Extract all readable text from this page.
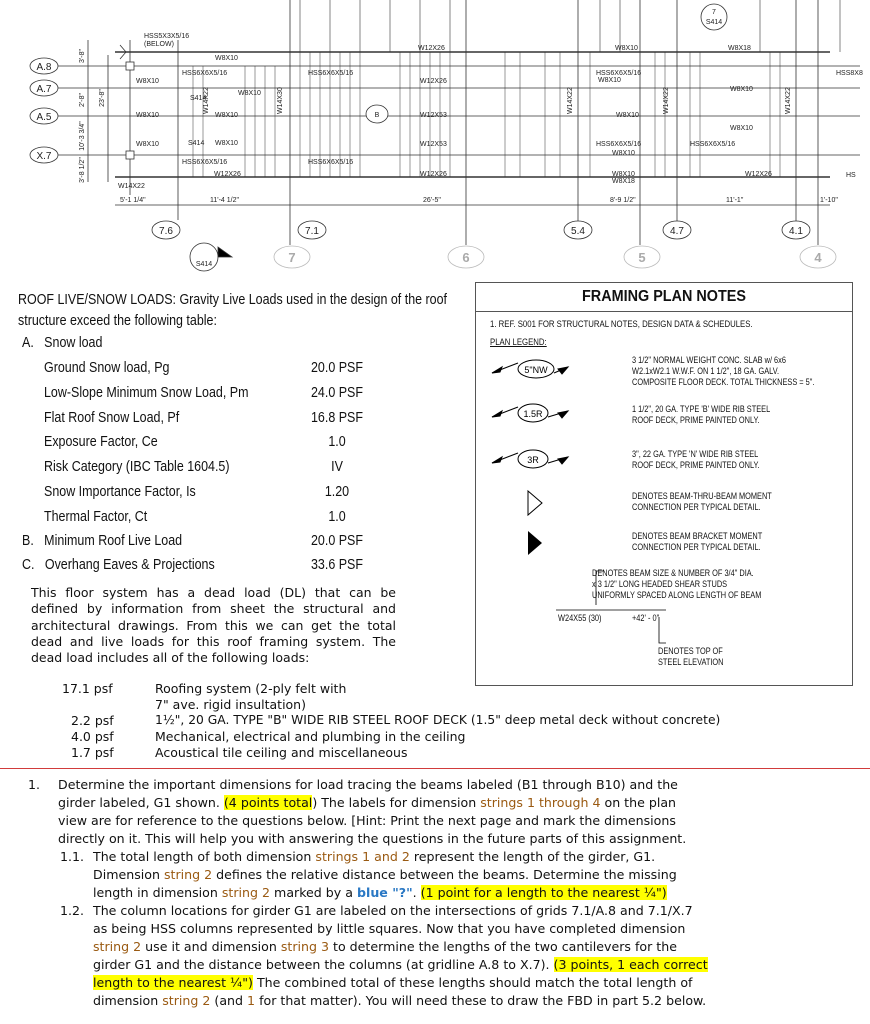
A.8
A.7
A.5
X.7
3'-8"
2'-8"
10'-3 3/4"
3'-8 1/2"
23'-8"
HSS5X3X5/16
(BELOW)
W8X10
W12X26	W8X10	W8X18
W8X10
HSS6X6X5/16
W8X10
S414
W8X10	W8X10
W8X10	S414 W8X10
HSS6X6X5/16
W12X26
HSS6X6X5/16
W12X26
W12X53
W12X53
W12X26
HSS6X6X5/16
W8X10
W8X10
W8X10
HSS6X6X5/16
W8X10
W8X18
HSS6X6X5/16
W8X10
W8X10
HSS6X6X5/16
W12X26
HSS8X8
HS
W14X22
W14X22	W14X30	W14X22	W14X22	W14X22
5'-1 1/4"	11'-4 1/2"	26'-5"	8'-9 1/2"	11'-1"	1'-10"
7.6	7.1	5.4	4.7	4.1
7	6	5	4
S414
S414
7
B
ROOF LIVE/SNOW LOADS: Gravity Live Loads used in the design of the roof structure exceed the following table:
A. Snow load
Ground Snow load, Pg	20.0 PSF
Low-Slope Minimum Snow Load, Pm	24.0 PSF
Flat Roof Snow Load, Pf	16.8 PSF
Exposure Factor, Ce	1.0
Risk Category (IBC Table 1604.5)	IV
Snow Importance Factor, Is	1.20
Thermal Factor, Ct	1.0
B. Minimum Roof Live Load	20.0 PSF
C. Overhang Eaves & Projections	33.6 PSF
This floor system has a dead load (DL) that can be defined by information from sheet the structural and architectural drawings. From this we can get the total dead and live loads for this roof framing system. The dead load includes all of the following loads:
17.1 psf	Roofing system (2-ply felt with
7" ave. rigid insultation)
2.2 psf	1½", 20 GA. TYPE "B" WIDE RIB STEEL ROOF DECK (1.5" deep metal deck without concrete)
4.0 psf	Mechanical, electrical and plumbing in the ceiling
1.7 psf	Acoustical tile ceiling and miscellaneous
FRAMING PLAN NOTES
1. REF. S001 FOR STRUCTURAL NOTES, DESIGN DATA & SCHEDULES.
PLAN LEGEND:
5"NW
1.5R
3R
3 1/2" NORMAL WEIGHT CONC. SLAB w/ 6x6
W2.1xW2.1 W.W.F. ON 1 1/2", 18 GA. GALV.
COMPOSITE FLOOR DECK. TOTAL THICKNESS = 5".
1 1/2", 20 GA. TYPE 'B' WIDE RIB STEEL
ROOF DECK, PRIME PAINTED ONLY.
3", 22 GA. TYPE 'N' WIDE RIB STEEL
ROOF DECK, PRIME PAINTED ONLY.
DENOTES BEAM-THRU-BEAM MOMENT
CONNECTION PER TYPICAL DETAIL.
DENOTES BEAM BRACKET MOMENT
CONNECTION PER TYPICAL DETAIL.
DENOTES BEAM SIZE & NUMBER OF 3/4" DIA.
x 3 1/2" LONG HEADED SHEAR STUDS
UNIFORMLY SPACED ALONG LENGTH OF BEAM
W24X55 (30)	+42' - 0"
DENOTES TOP OF
STEEL ELEVATION
1. Determine the important dimensions for load tracing the beams labeled (B1 through B10) and the
girder labeled, G1 shown. (4 points total) The labels for dimension strings 1 through 4 on the plan
view are for reference to the questions below. [Hint: Print the next page and mark the dimensions
directly on it. This will help you with answering the questions in the future parts of this assignment.
1.1. The total length of both dimension strings 1 and 2 represent the length of the girder, G1.
Dimension string 2 defines the relative distance between the beams. Determine the missing
length in dimension string 2 marked by a blue "?". (1 point for a length to the nearest ¼")
1.2. The column locations for girder G1 are labeled on the intersections of grids 7.1/A.8 and 7.1/X.7
as being HSS columns represented by little squares. Now that you have completed dimension
string 2 use it and dimension string 3 to determine the lengths of the two cantilevers for the
girder G1 and the distance between the columns (at gridline A.8 to X.7). (3 points, 1 each correct
length to the nearest ¼") The combined total of these lengths should match the total length of
dimension string 2 (and 1 for that matter). You will need these to draw the FBD in part 5.2 below.
